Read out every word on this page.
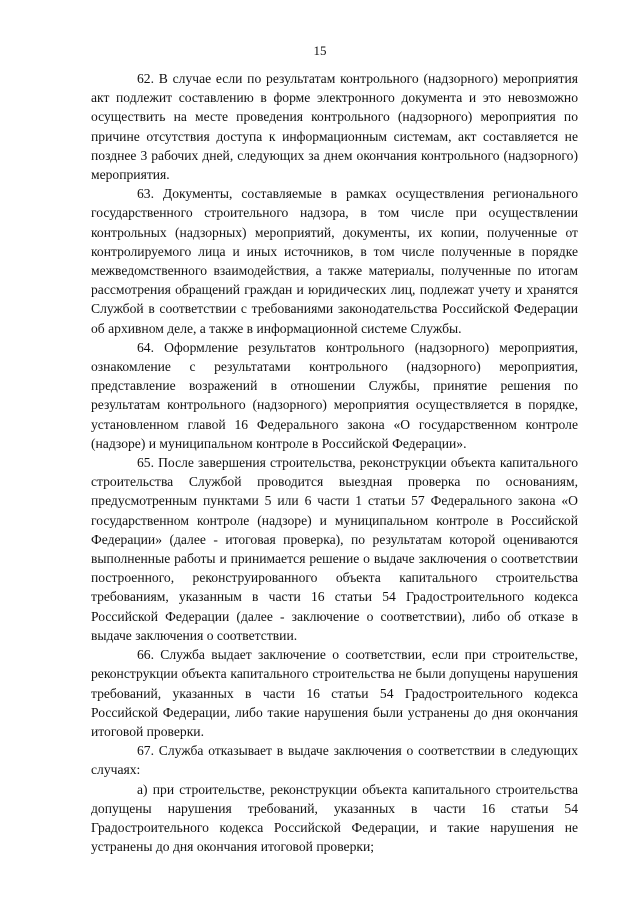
15

62. В случае если по результатам контрольного (надзорного) мероприятия акт подлежит составлению в форме электронного документа и это невозможно осуществить на месте проведения контрольного (надзорного) мероприятия по причине отсутствия доступа к информационным системам, акт составляется не позднее 3 рабочих дней, следующих за днем окончания контрольного (надзорного) мероприятия.

63. Документы, составляемые в рамках осуществления регионального государственного строительного надзора, в том числе при осуществлении контрольных (надзорных) мероприятий, документы, их копии, полученные от контролируемого лица и иных источников, в том числе полученные в порядке межведомственного взаимодействия, а также материалы, полученные по итогам рассмотрения обращений граждан и юридических лиц, подлежат учету и хранятся Службой в соответствии с требованиями законодательства Российской Федерации об архивном деле, а также в информационной системе Службы.

64. Оформление результатов контрольного (надзорного) мероприятия, ознакомление с результатами контрольного (надзорного) мероприятия, представление возражений в отношении Службы, принятие решения по результатам контрольного (надзорного) мероприятия осуществляется в порядке, установленном главой 16 Федерального закона «О государственном контроле (надзоре) и муниципальном контроле в Российской Федерации».

65. После завершения строительства, реконструкции объекта капитального строительства Службой проводится выездная проверка по основаниям, предусмотренным пунктами 5 или 6 части 1 статьи 57 Федерального закона «О государственном контроле (надзоре) и муниципальном контроле в Российской Федерации» (далее - итоговая проверка), по результатам которой оцениваются выполненные работы и принимается решение о выдаче заключения о соответствии построенного, реконструированного объекта капитального строительства требованиям, указанным в части 16 статьи 54 Градостроительного кодекса Российской Федерации (далее - заключение о соответствии), либо об отказе в выдаче заключения о соответствии.

66. Служба выдает заключение о соответствии, если при строительстве, реконструкции объекта капитального строительства не были допущены нарушения требований, указанных в части 16 статьи 54 Градостроительного кодекса Российской Федерации, либо такие нарушения были устранены до дня окончания итоговой проверки.

67. Служба отказывает в выдаче заключения о соответствии в следующих случаях:

а) при строительстве, реконструкции объекта капитального строительства допущены нарушения требований, указанных в части 16 статьи 54 Градостроительного кодекса Российской Федерации, и такие нарушения не устранены до дня окончания итоговой проверки;
